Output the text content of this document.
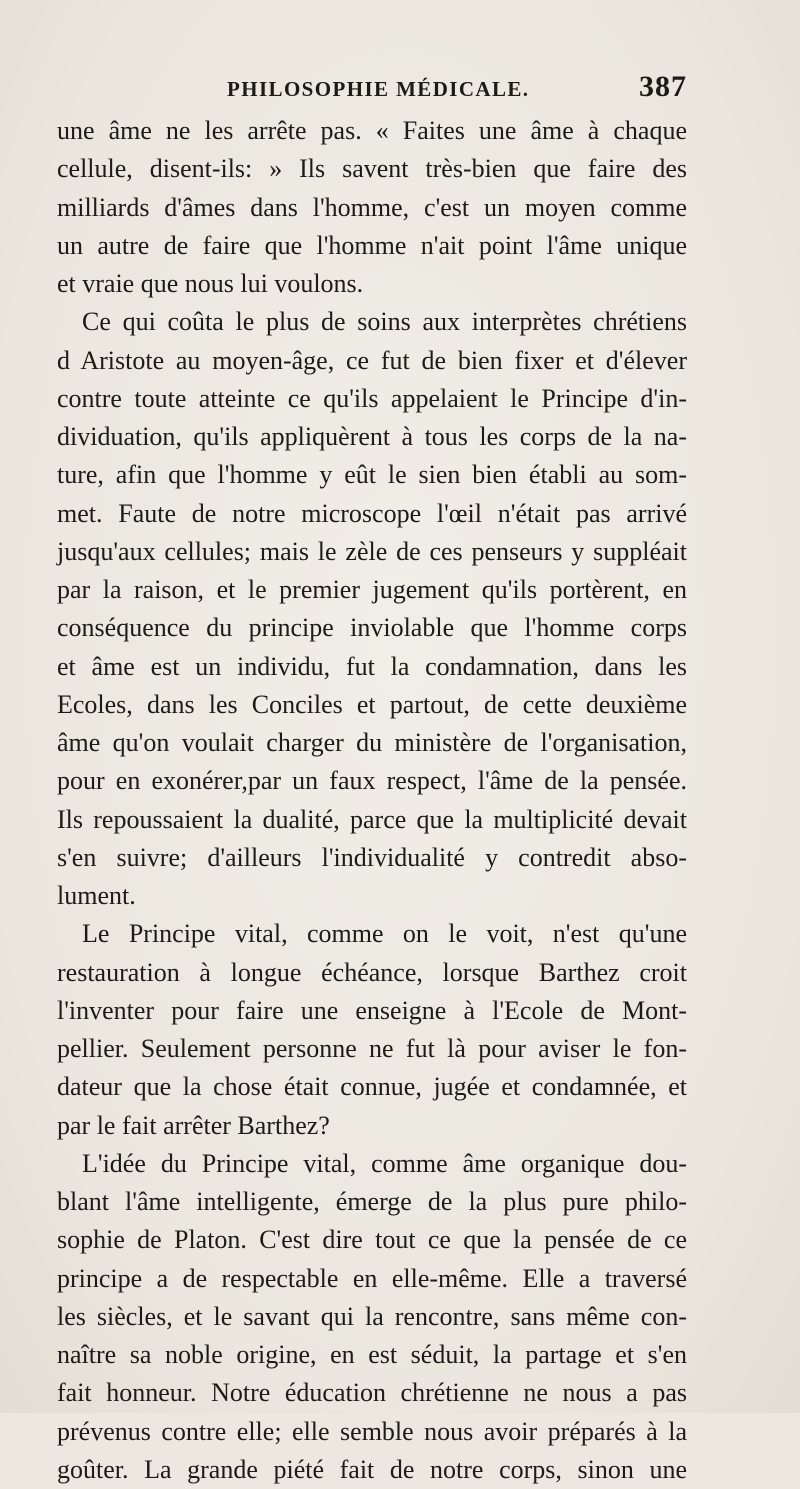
PHILOSOPHIE MÉDICALE.	387
une âme ne les arrête pas. « Faites une âme à chaque
cellule, disent-ils: » Ils savent très-bien que faire des
milliards d'âmes dans l'homme, c'est un moyen comme
un autre de faire que l'homme n'ait point l'âme unique
et vraie que nous lui voulons.
Ce qui coûta le plus de soins aux interprètes chrétiens
d Aristote au moyen-âge, ce fut de bien fixer et d'élever
contre toute atteinte ce qu'ils appelaient le Principe d'in-
dividuation, qu'ils appliquèrent à tous les corps de la na-
ture, afin que l'homme y eût le sien bien établi au som-
met. Faute de notre microscope l'œil n'était pas arrivé
jusqu'aux cellules; mais le zèle de ces penseurs y suppléait
par la raison, et le premier jugement qu'ils portèrent, en
conséquence du principe inviolable que l'homme corps
et âme est un individu, fut la condamnation, dans les
Ecoles, dans les Conciles et partout, de cette deuxième
âme qu'on voulait charger du ministère de l'organisation,
pour en exonérer,par un faux respect, l'âme de la pensée.
Ils repoussaient la dualité, parce que la multiplicité devait
s'en suivre; d'ailleurs l'individualité y contredit abso-
lument.
Le Principe vital, comme on le voit, n'est qu'une
restauration à longue échéance, lorsque Barthez croit
l'inventer pour faire une enseigne à l'Ecole de Mont-
pellier. Seulement personne ne fut là pour aviser le fon-
dateur que la chose était connue, jugée et condamnée, et
par le fait arrêter Barthez?
L'idée du Principe vital, comme âme organique dou-
blant l'âme intelligente, émerge de la plus pure philo-
sophie de Platon. C'est dire tout ce que la pensée de ce
principe a de respectable en elle-même. Elle a traversé
les siècles, et le savant qui la rencontre, sans même con-
naître sa noble origine, en est séduit, la partage et s'en
fait honneur. Notre éducation chrétienne ne nous a pas
prévenus contre elle; elle semble nous avoir préparés à la
goûter. La grande piété fait de notre corps, sinon une
